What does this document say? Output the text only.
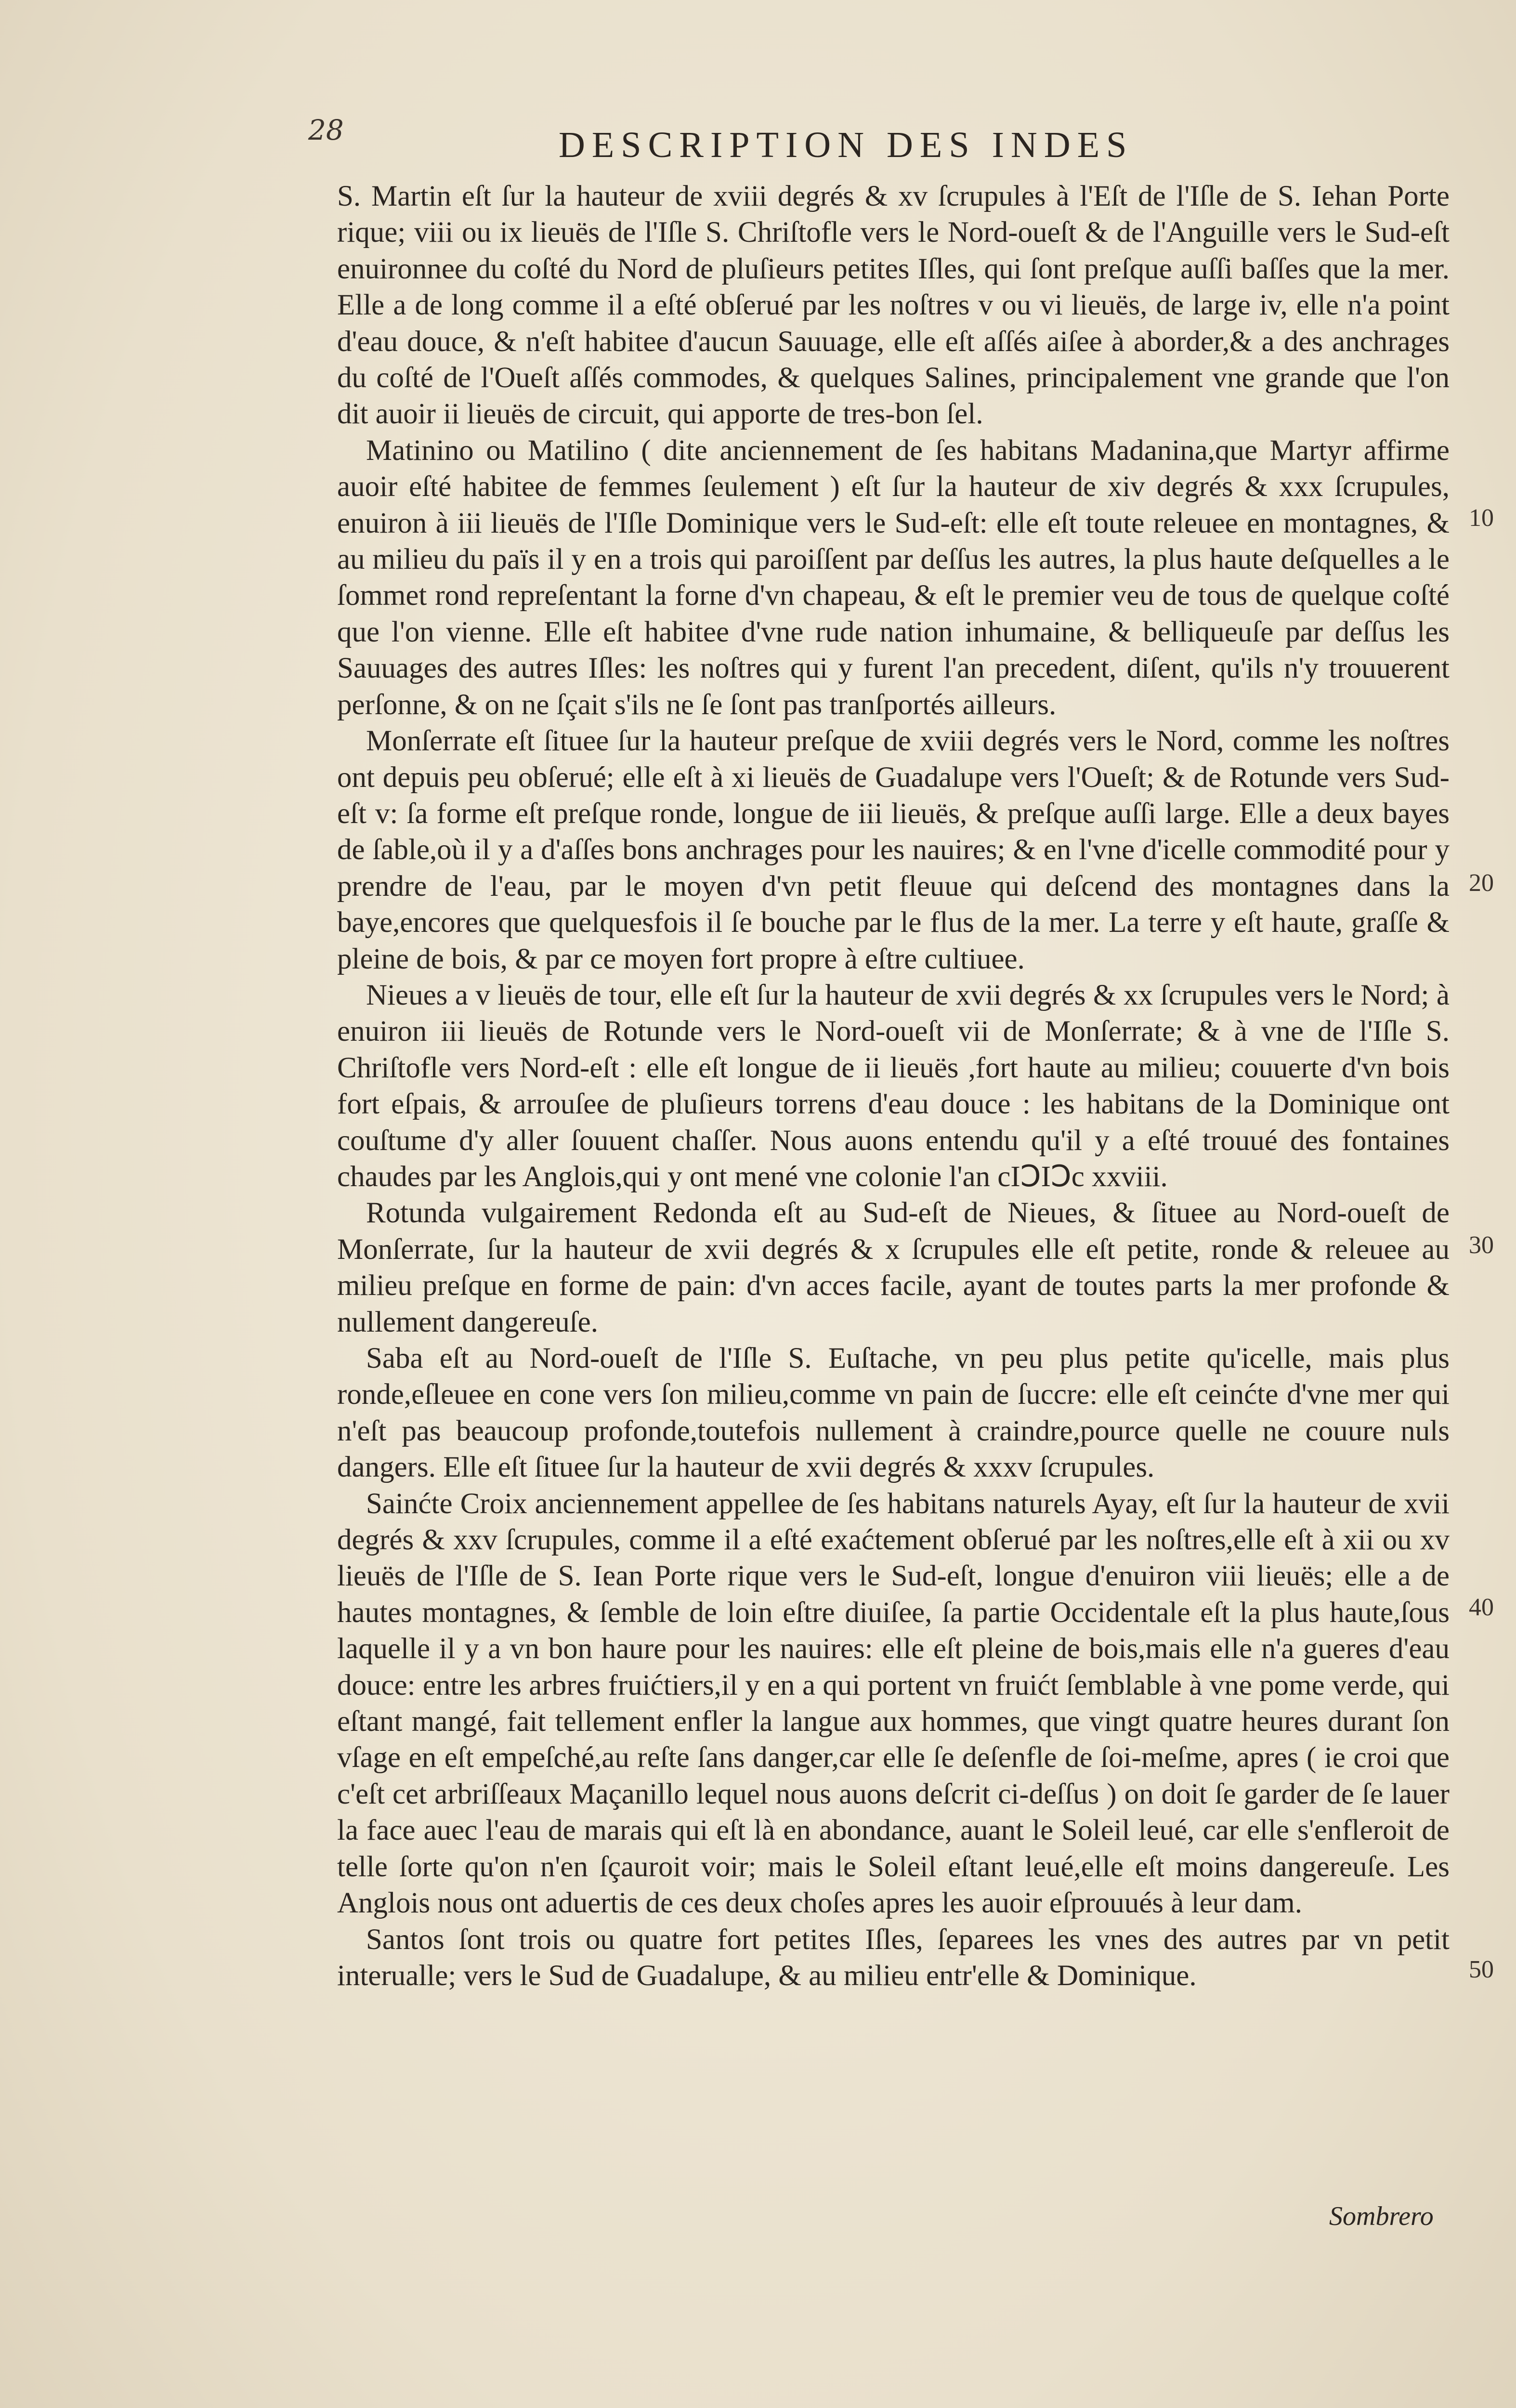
28	DESCRIPTION DES INDES

S. Martin eſt ſur la hauteur de xviii degrés & xv ſcrupules à l'Eſt de l'Iſle de S. Iehan Porte rique; viii ou ix lieuës de l'Iſle S. Chriſtofle vers le Nord-oueſt & de l'Anguille vers le Sud-eſt enuironnee du coſté du Nord de pluſieurs petites Iſles, qui ſont preſque auſſi baſſes que la mer. Elle a de long comme il a eſté obſerué par les noſtres v ou vi lieuës, de large iv, elle n'a point d'eau douce, & n'eſt habitee d'aucun Sauuage, elle eſt aſſés aiſee à aborder,& a des anchrages du coſté de l'Oueſt aſſés commodes, & quelques Salines, principalement vne grande que l'on dit auoir ii lieuës de circuit, qui apporte de tres-bon ſel.

Matinino ou Matilino ( dite anciennement de ſes habitans Madanina,que Martyr affirme auoir eſté habitee de femmes ſeulement ) eſt ſur la hauteur de xiv degrés & xxx ſcrupules, enuiron à iii lieuës de l'Iſle Dominique vers le Sud-eſt: elle eſt toute releuee en montagnes, & au milieu du païs il y en a trois qui paroiſſent par deſſus les autres, la plus haute deſquelles a le ſommet rond repreſentant la forne d'vn chapeau, & eſt le premier veu de tous de quelque coſté que l'on vienne. Elle eſt habitee d'vne rude nation inhumaine, & belliqueuſe par deſſus les Sauuages des autres Iſles: les noſtres qui y furent l'an precedent, diſent, qu'ils n'y trouuerent perſonne, & on ne ſçait s'ils ne ſe ſont pas tranſportés ailleurs.

Monſerrate eſt ſituee ſur la hauteur preſque de xviii degrés vers le Nord, comme les noſtres ont depuis peu obſerué; elle eſt à xi lieuës de Guadalupe vers l'Oueſt; & de Rotunde vers Sud-eſt v: ſa forme eſt preſque ronde, longue de iii lieuës, & preſque auſſi large. Elle a deux bayes de ſable,où il y a d'aſſes bons anchrages pour les nauires; & en l'vne d'icelle commodité pour y prendre de l'eau, par le moyen d'vn petit fleuue qui deſcend des montagnes dans la baye,encores que quelquesfois il ſe bouche par le flus de la mer. La terre y eſt haute, graſſe & pleine de bois, & par ce moyen fort propre à eſtre cultiuee.

Nieues a v lieuës de tour, elle eſt ſur la hauteur de xvii degrés & xx ſcrupules vers le Nord; à enuiron iii lieuës de Rotunde vers le Nord-oueſt vii de Monſerrate; & à vne de l'Iſle S. Chriſtofle vers Nord-eſt : elle eſt longue de ii lieuës ,fort haute au milieu; couuerte d'vn bois fort eſpais, & arrouſee de pluſieurs torrens d'eau douce : les habitans de la Dominique ont couſtume d'y aller ſouuent chaſſer. Nous auons entendu qu'il y a eſté trouué des fontaines chaudes par les Anglois,qui y ont mené vne colonie l'an cIↃIↃc xxviii.

Rotunda vulgairement Redonda eſt au Sud-eſt de Nieues, & ſituee au Nord-oueſt de Monſerrate, ſur la hauteur de xvii degrés & x ſcrupules elle eſt petite, ronde & releuee au milieu preſque en forme de pain: d'vn acces facile, ayant de toutes parts la mer profonde & nullement dangereuſe.

Saba eſt au Nord-oueſt de l'Iſle S. Euſtache, vn peu plus petite qu'icelle, mais plus ronde,eſleuee en cone vers ſon milieu,comme vn pain de ſuccre: elle eſt ceinćte d'vne mer qui n'eſt pas beaucoup profonde,toutefois nullement à craindre,pource quelle ne couure nuls dangers. Elle eſt ſituee ſur la hauteur de xvii degrés & xxxv ſcrupules.

Sainćte Croix anciennement appellee de ſes habitans naturels Ayay, eſt ſur la hauteur de xvii degrés & xxv ſcrupules, comme il a eſté exaćtement obſerué par les noſtres,elle eſt à xii ou xv lieuës de l'Iſle de S. Iean Porte rique vers le Sud-eſt, longue d'enuiron viii lieuës; elle a de hautes montagnes, & ſemble de loin eſtre diuiſee, ſa partie Occidentale eſt la plus haute,ſous laquelle il y a vn bon haure pour les nauires: elle eſt pleine de bois,mais elle n'a gueres d'eau douce: entre les arbres fruićtiers,il y en a qui portent vn fruićt ſemblable à vne pome verde, qui eſtant mangé, fait tellement enfler la langue aux hommes, que vingt quatre heures durant ſon vſage en eſt empeſché,au reſte ſans danger,car elle ſe deſenfle de ſoi-meſme, apres ( ie croi que c'eſt cet arbriſſeaux Maçanillo lequel nous auons deſcrit ci-deſſus ) on doit ſe garder de ſe lauer la face auec l'eau de marais qui eſt là en abondance, auant le Soleil leué, car elle s'enfleroit de telle ſorte qu'on n'en ſçauroit voir; mais le Soleil eſtant leué,elle eſt moins dangereuſe. Les Anglois nous ont aduertis de ces deux choſes apres les auoir eſprouués à leur dam.

Santos ſont trois ou quatre fort petites Iſles, ſeparees les vnes des autres par vn petit interualle; vers le Sud de Guadalupe, & au milieu entr'elle & Dominique.

10
20
30
40
50
Sombrero
